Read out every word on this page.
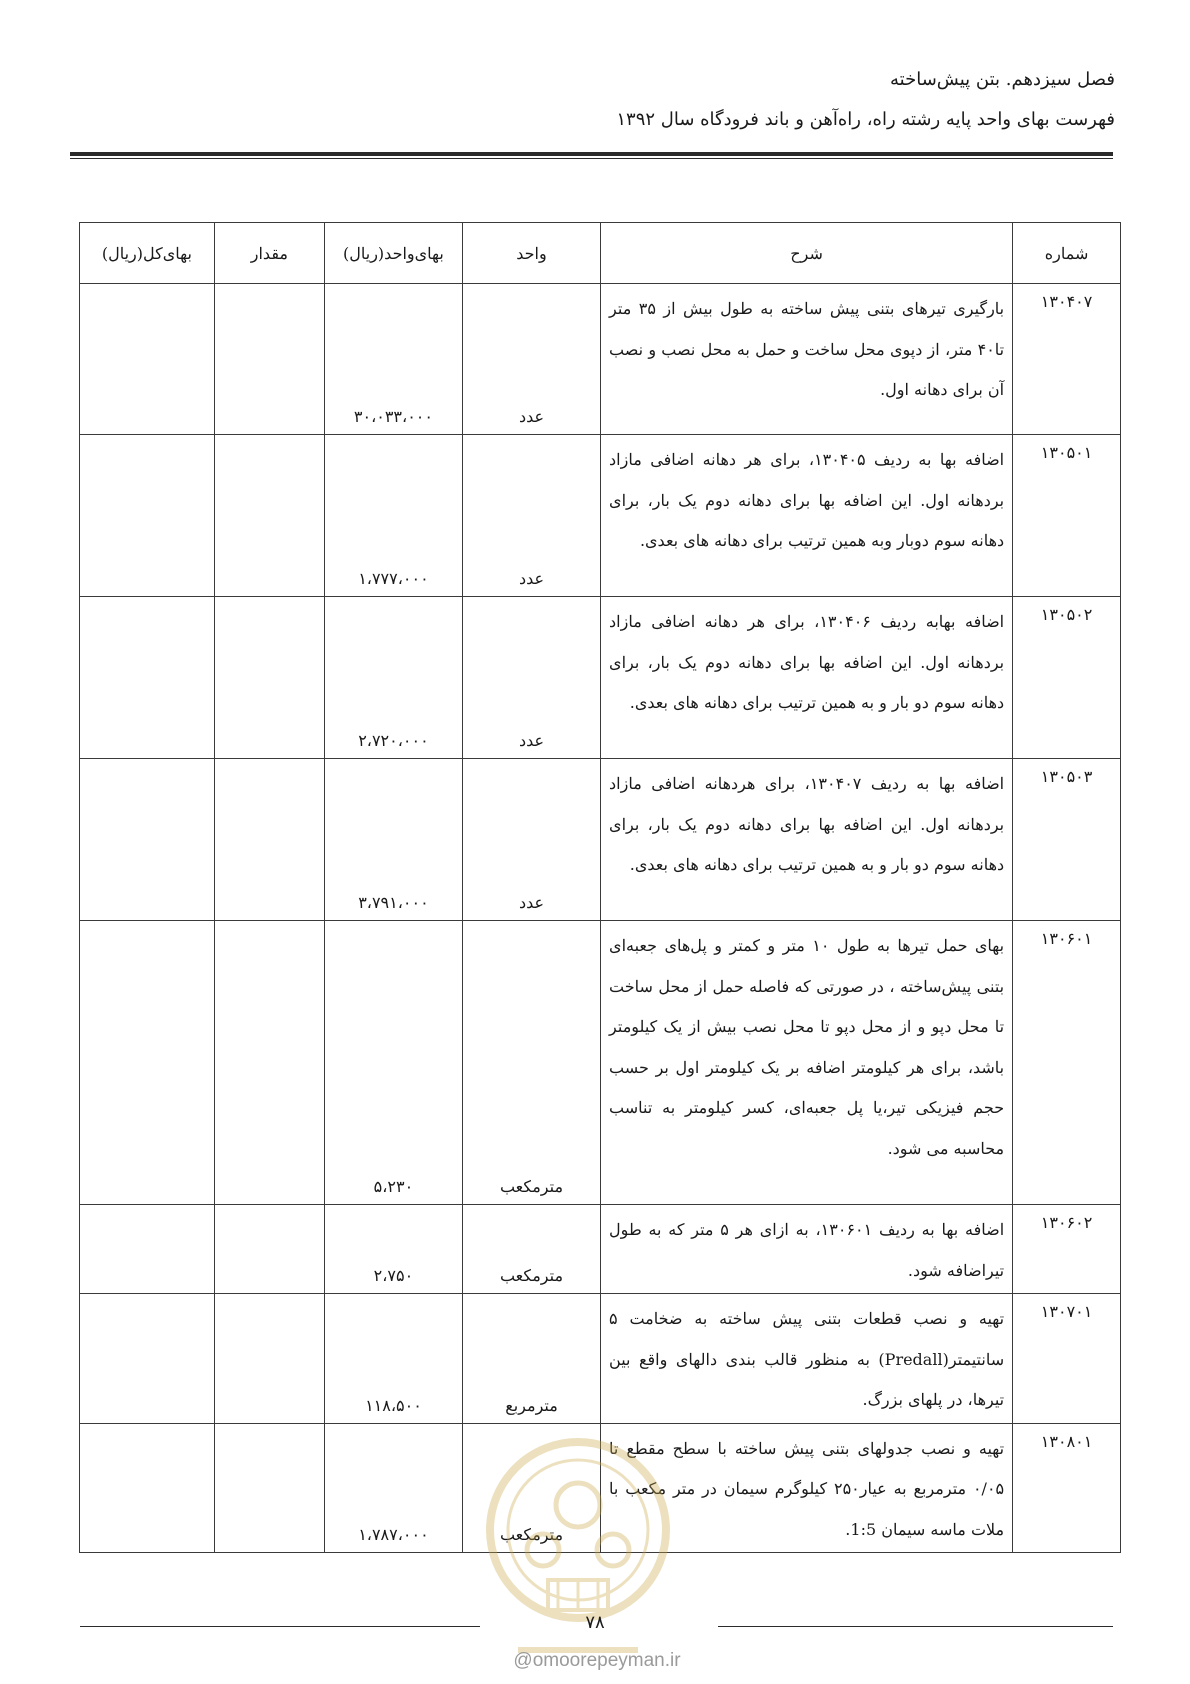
فصل سیزدهم. بتن پیش‌ساخته
فهرست بهای واحد پایه رشته راه، راه‌آهن و باند فرودگاه سال ۱۳۹۲
شماره	شرح	واحد	بهای‌واحد(ریال)	مقدار	بهای‌کل(ریال)
۱۳۰۴۰۷	بارگیری تیرهای بتنی پیش ساخته به طول بیش از ۳۵ متر تا۴۰ متر، از دپوی محل ساخت و حمل به محل نصب و نصب آن برای دهانه اول.	عدد	۳۰،۰۳۳،۰۰۰		
۱۳۰۵۰۱	اضافه بها به ردیف ۱۳۰۴۰۵، برای هر دهانه اضافی مازاد بردهانه اول. این اضافه بها برای دهانه دوم یک بار، برای دهانه سوم دوبار وبه همین ترتیب برای دهانه های بعدی.	عدد	۱،۷۷۷،۰۰۰		
۱۳۰۵۰۲	اضافه بهابه ردیف ۱۳۰۴۰۶، برای هر دهانه اضافی مازاد بردهانه اول. این اضافه بها برای دهانه دوم یک بار، برای دهانه سوم دو بار و به همین ترتیب برای دهانه های بعدی.	عدد	۲،۷۲۰،۰۰۰		
۱۳۰۵۰۳	اضافه بها به ردیف ۱۳۰۴۰۷، برای هردهانه اضافی مازاد بردهانه اول. این اضافه بها برای دهانه دوم یک بار، برای دهانه سوم دو بار و به همین ترتیب برای دهانه های بعدی.	عدد	۳،۷۹۱،۰۰۰		
۱۳۰۶۰۱	بهای حمل تیرها به طول ۱۰ متر و کمتر و پل‌های جعبه‌ای بتنی پیش‌ساخته ، در صورتی که فاصله حمل از محل ساخت تا محل دپو و از محل دپو تا محل نصب بیش از یک کیلومتر باشد، برای هر کیلومتر اضافه بر یک کیلومتر اول بر حسب حجم فیزیکی تیر،یا پل جعبه‌ای، کسر کیلومتر به تناسب محاسبه می شود.	مترمکعب	۵،۲۳۰		
۱۳۰۶۰۲	اضافه بها به ردیف ۱۳۰۶۰۱، به ازای هر ۵ متر که به طول تیراضافه شود.	مترمکعب	۲،۷۵۰		
۱۳۰۷۰۱	تهیه و نصب قطعات بتنی پیش ساخته به ضخامت ۵ سانتیمتر(Predall) به منظور قالب بندی دالهای واقع بین تیرها، در پلهای بزرگ.	مترمربع	۱۱۸،۵۰۰		
۱۳۰۸۰۱	تهیه و نصب جدولهای بتنی پیش ساخته با سطح مقطع تا ۰/۰۵ مترمربع به عیار۲۵۰ کیلوگرم سیمان در متر مکعب با ملات ماسه سیمان 1:5.	مترمکعب	۱،۷۸۷،۰۰۰		
۷۸
@omoorepeyman.ir
